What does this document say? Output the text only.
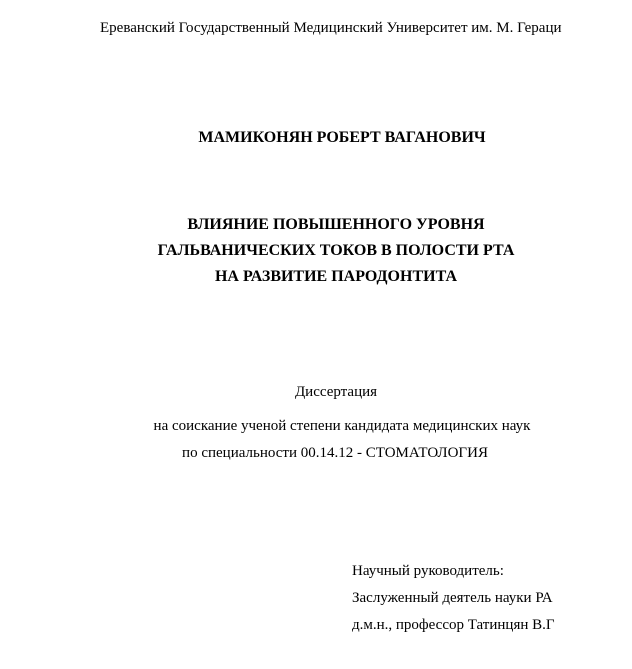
Ереванский Государственный Медицинский Университет им. М. Гераци
МАМИКОНЯН РОБЕРТ ВАГАНОВИЧ
ВЛИЯНИЕ ПОВЫШЕННОГО УРОВНЯ
ГАЛЬВАНИЧЕСКИХ ТОКОВ В ПОЛОСТИ РТА
НА РАЗВИТИЕ ПАРОДОНТИТА
Диссертация
на соискание ученой степени кандидата медицинских наук
по специальности 00.14.12 - СТОМАТОЛОГИЯ
Научный руководитель:
Заслуженный деятель науки РА
д.м.н., профессор Татинцян В.Г
